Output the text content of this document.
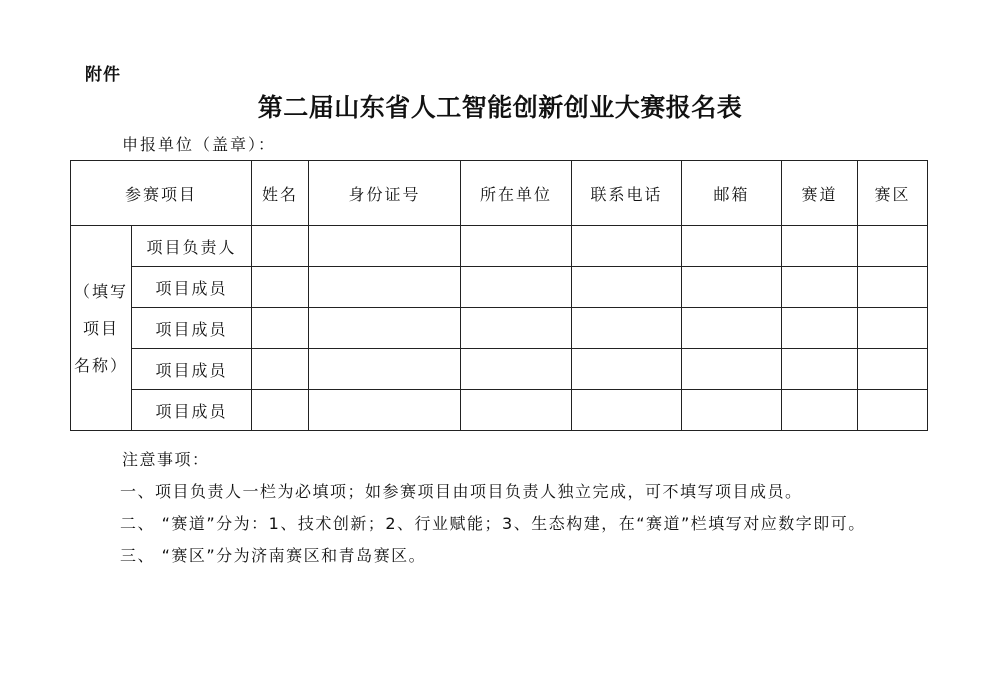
附件
第二届山东省人工智能创新创业大赛报名表
申报单位（盖章）：
参赛项目		姓名	身份证号	所在单位	联系电话	邮箱	赛道	赛区

（填写
项目
名称）	项目负责人							
	项目成员							
	项目成员							
	项目成员							
	项目成员							
注意事项：
一、项目负责人一栏为必填项；如参赛项目由项目负责人独立完成，可不填写项目成员。
二、 “赛道”分为：1、技术创新；2、行业赋能；3、生态构建，在“赛道”栏填写对应数字即可。
三、 “赛区”分为济南赛区和青岛赛区。
